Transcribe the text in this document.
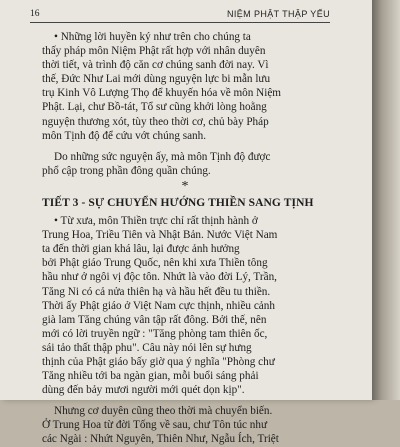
16	NIỆM PHẬT THẬP YẾU
• Những lời huyền ký như trên cho chúng ta
thấy pháp môn Niệm Phật rất hợp với nhân duyên
thời tiết, và trình độ căn cơ chúng sanh đời nay. Vì
thế, Đức Như Lai mới dùng nguyện lực bi mẫn lưu
trụ Kinh Vô Lượng Thọ để khuyến hóa về môn Niệm
Phật. Lại, chư Bồ-tát, Tổ sư cũng khởi lòng hoằng
nguyện thương xót, tùy theo thời cơ, chủ bày Pháp
môn Tịnh độ để cứu vớt chúng sanh.
Do những sức nguyện ấy, mà môn Tịnh độ được
phổ cập trong phần đông quần chúng.
*
TIẾT 3 - SỰ CHUYỂN HƯỚNG THIỀN SANG TỊNH
• Từ xưa, môn Thiền trực chỉ rất thịnh hành ở
Trung Hoa, Triều Tiên và Nhật Bản. Nước Việt Nam
ta đến thời gian khá lâu, lại được ảnh hưởng
bởi Phật giáo Trung Quốc, nên khi xưa Thiền tông
hầu như ở ngôi vị độc tôn. Nhứt là vào đời Lý, Trần,
Tăng Ni có cả nửa thiên hạ và hầu hết đều tu thiền.
Thời ấy Phật giáo ở Việt Nam cực thịnh, nhiều cảnh
già lam Tăng chúng vân tập rất đông. Bởi thế, nên
mới có lời truyền ngữ : "Tăng phòng tam thiên ốc,
sái tảo thất thập phu". Câu này nói lên sự hưng
thịnh của Phật giáo bấy giờ qua ý nghĩa "Phòng chư
Tăng nhiều tới ba ngàn gian, mỗi buổi sáng phải
dùng đến bảy mươi người mới quét dọn kịp".
Nhưng cơ duyên cũng theo thời mà chuyển biến.
Ở Trung Hoa từ đời Tống về sau, chư Tôn túc như
các Ngài : Nhứt Nguyên, Thiên Như, Ngẫu Ích, Triệt
